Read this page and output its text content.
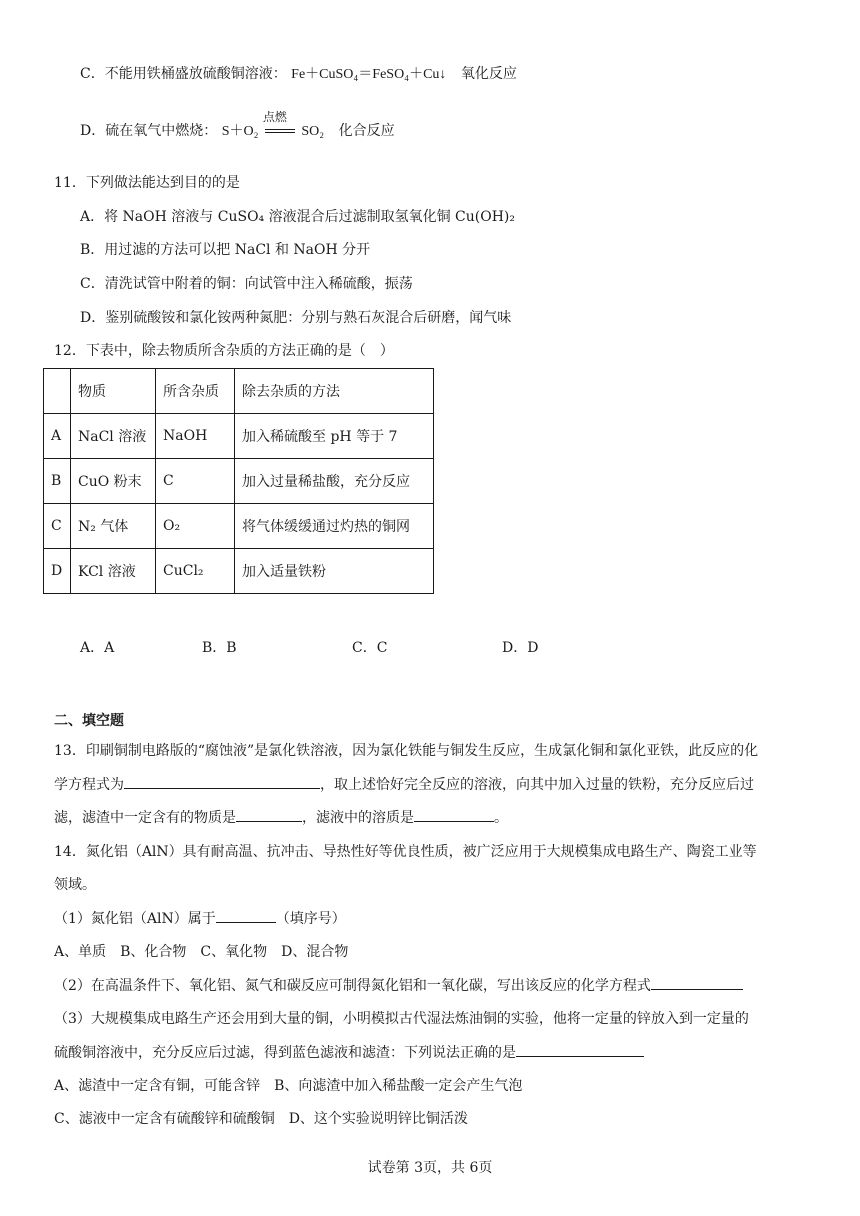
C．不能用铁桶盛放硫酸铜溶液： Fe＋CuSO₄＝FeSO₄＋Cu↓ 氧化反应
D．硫在氧气中燃烧： S＋O₂
点燃
SO₂ 化合反应
11．下列做法能达到目的的是
A．将 NaOH 溶液与 CuSO₄ 溶液混合后过滤制取氢氧化铜 Cu(OH)₂
B．用过滤的方法可以把 NaCl 和 NaOH 分开
C．清洗试管中附着的铜：向试管中注入稀硫酸，振荡
D．鉴别硫酸铵和氯化铵两种氮肥：分别与熟石灰混合后研磨，闻气味
12．下表中，除去物质所含杂质的方法正确的是（　）
	物质	所含杂质	除去杂质的方法
A	NaCl 溶液	NaOH	加入稀硫酸至 pH 等于 7
B	CuO 粉末	C	加入过量稀盐酸，充分反应
C	N₂ 气体	O₂	将气体缓缓通过灼热的铜网
D	KCl 溶液	CuCl₂	加入适量铁粉
A．A	B．B	C．C	D．D
二、填空题
13．印刷铜制电路版的“腐蚀液”是氯化铁溶液，因为氯化铁能与铜发生反应，生成氯化铜和氯化亚铁，此反应的化
学方程式为	，取上述恰好完全反应的溶液，向其中加入过量的铁粉，充分反应后过
滤，滤渣中一定含有的物质是	，滤液中的溶质是	。
14．氮化铝（AlN）具有耐高温、抗冲击、导热性好等优良性质，被广泛应用于大规模集成电路生产、陶瓷工业等
领域。
（1）氮化铝（AlN）属于	（填序号）
A、单质　B、化合物　C、氧化物　D、混合物
（2）在高温条件下、氧化铝、氮气和碳反应可制得氮化铝和一氧化碳，写出该反应的化学方程式
（3）大规模集成电路生产还会用到大量的铜，小明模拟古代湿法炼油铜的实验，他将一定量的锌放入到一定量的
硫酸铜溶液中，充分反应后过滤，得到蓝色滤液和滤渣：下列说法正确的是
A、滤渣中一定含有铜，可能含锌　B、向滤渣中加入稀盐酸一定会产生气泡
C、滤液中一定含有硫酸锌和硫酸铜　D、这个实验说明锌比铜活泼
试卷第 3页，共 6页
